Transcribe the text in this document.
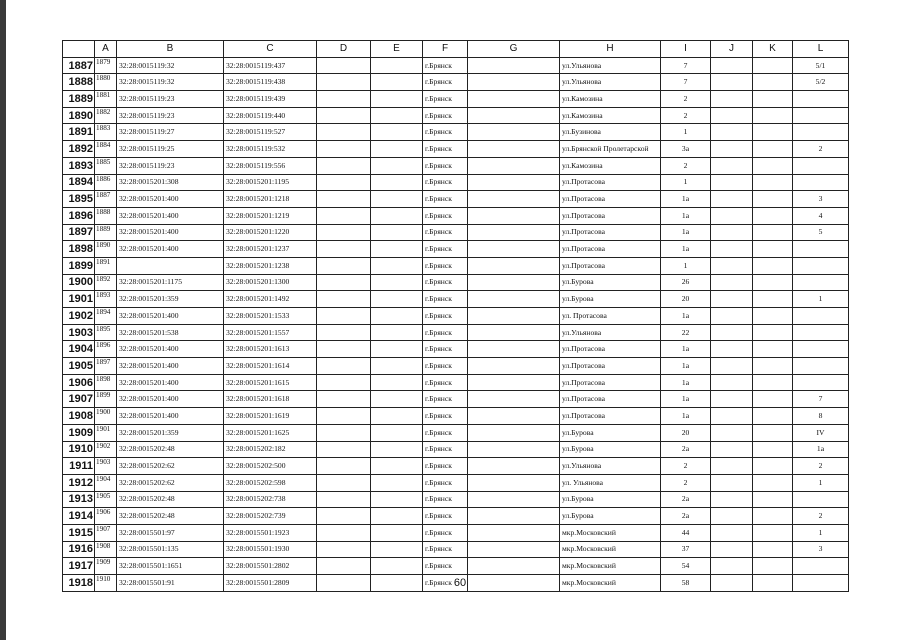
	A	B	C	D	E	F	G	H	I	J	K	L
1887	1879	32:28:0015119:32	32:28:0015119:437			г.Брянск		ул.Ульянова	7			5/1
1888	1880	32:28:0015119:32	32:28:0015119:438			г.Брянск		ул.Ульянова	7			5/2
1889	1881	32:28:0015119:23	32:28:0015119:439			г.Брянск		ул.Камозина	2			
1890	1882	32:28:0015119:23	32:28:0015119:440			г.Брянск		ул.Камозина	2			
1891	1883	32:28:0015119:27	32:28:0015119:527			г.Брянск		ул.Бузинова	1			
1892	1884	32:28:0015119:25	32:28:0015119:532			г.Брянск		ул.Брянской Пролетарской	3а			2
1893	1885	32:28:0015119:23	32:28:0015119:556			г.Брянск		ул.Камозина	2			
1894	1886	32:28:0015201:308	32:28:0015201:1195			г.Брянск		ул.Протасова	1			
1895	1887	32:28:0015201:400	32:28:0015201:1218			г.Брянск		ул.Протасова	1а			3
1896	1888	32:28:0015201:400	32:28:0015201:1219			г.Брянск		ул.Протасова	1а			4
1897	1889	32:28:0015201:400	32:28:0015201:1220			г.Брянск		ул.Протасова	1а			5
1898	1890	32:28:0015201:400	32:28:0015201:1237			г.Брянск		ул.Протасова	1а			
1899	1891		32:28:0015201:1238			г.Брянск		ул.Протасова	1			
1900	1892	32:28:0015201:1175	32:28:0015201:1300			г.Брянск		ул.Бурова	26			
1901	1893	32:28:0015201:359	32:28:0015201:1492			г.Брянск		ул.Бурова	20			1
1902	1894	32:28:0015201:400	32:28:0015201:1533			г.Брянск		ул. Протасова	1а			
1903	1895	32:28:0015201:538	32:28:0015201:1557			г.Брянск		ул.Ульянова	22			
1904	1896	32:28:0015201:400	32:28:0015201:1613			г.Брянск		ул.Протасова	1а			
1905	1897	32:28:0015201:400	32:28:0015201:1614			г.Брянск		ул.Протасова	1а			
1906	1898	32:28:0015201:400	32:28:0015201:1615			г.Брянск		ул.Протасова	1а			
1907	1899	32:28:0015201:400	32:28:0015201:1618			г.Брянск		ул.Протасова	1а			7
1908	1900	32:28:0015201:400	32:28:0015201:1619			г.Брянск		ул.Протасова	1а			8
1909	1901	32:28:0015201:359	32:28:0015201:1625			г.Брянск		ул.Бурова	20			IV
1910	1902	32:28:0015202:48	32:28:0015202:182			г.Брянск		ул.Бурова	2а			1а
1911	1903	32:28:0015202:62	32:28:0015202:500			г.Брянск		ул.Ульянова	2			2
1912	1904	32:28:0015202:62	32:28:0015202:598			г.Брянск		ул. Ульянова	2			1
1913	1905	32:28:0015202:48	32:28:0015202:738			г.Брянск		ул.Бурова	2а			
1914	1906	32:28:0015202:48	32:28:0015202:739			г.Брянск		ул.Бурова	2а			2
1915	1907	32:28:0015501:97	32:28:0015501:1923			г.Брянск		мкр.Московский	44			1
1916	1908	32:28:0015501:135	32:28:0015501:1930			г.Брянск		мкр.Московский	37			3
1917	1909	32:28:0015501:1651	32:28:0015501:2802			г.Брянск		мкр.Московский	54			
1918	1910	32:28:0015501:91	32:28:0015501:2809			г.Брянск		мкр.Московский	58			
60
